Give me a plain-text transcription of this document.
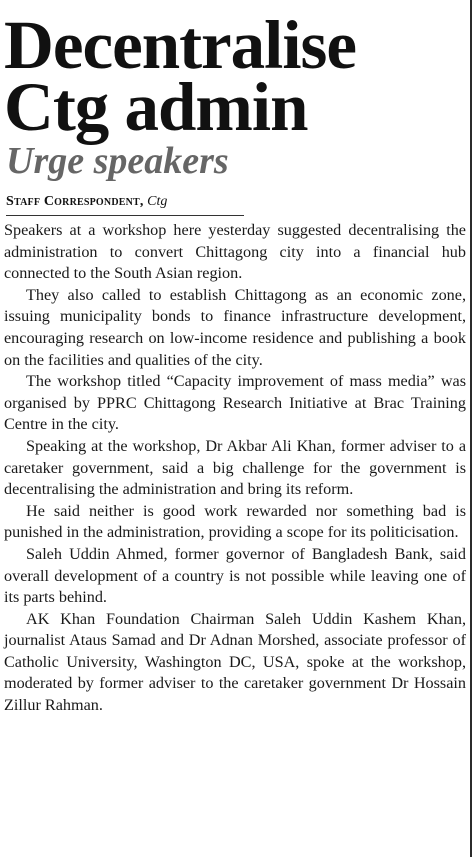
Decentralise
Ctg admin
Urge speakers
Staff Correspondent, Ctg

Speakers at a workshop here yesterday suggested decentralising the administration to convert Chittagong city into a financial hub connected to the South Asian region.

They also called to establish Chittagong as an economic zone, issuing municipality bonds to finance infrastructure development, encouraging research on low-income residence and publishing a book on the facilities and qualities of the city.

The workshop titled “Capacity improvement of mass media” was organised by PPRC Chittagong Research Initiative at Brac Training Centre in the city.

Speaking at the workshop, Dr Akbar Ali Khan, former adviser to a caretaker government, said a big challenge for the government is decentralising the administration and bring its reform.

He said neither is good work rewarded nor something bad is punished in the administration, providing a scope for its politicisation.

Saleh Uddin Ahmed, former governor of Bangladesh Bank, said overall development of a country is not possible while leaving one of its parts behind.

AK Khan Foundation Chairman Saleh Uddin Kashem Khan, journalist Ataus Samad and Dr Adnan Morshed, associate professor of Catholic University, Washington DC, USA, spoke at the workshop, moderated by former adviser to the caretaker government Dr Hossain Zillur Rahman.
